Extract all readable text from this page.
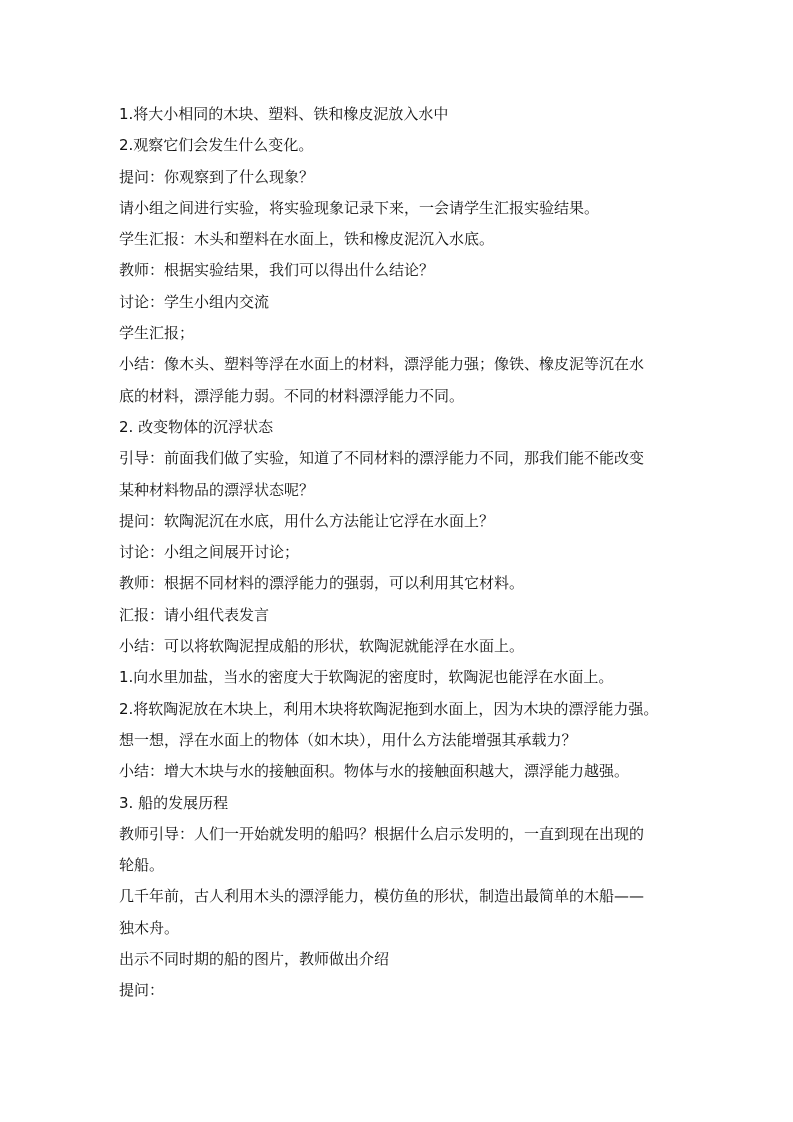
1.将大小相同的木块、塑料、铁和橡皮泥放入水中
2.观察它们会发生什么变化。
提问：你观察到了什么现象？
请小组之间进行实验，将实验现象记录下来，一会请学生汇报实验结果。
学生汇报：木头和塑料在水面上，铁和橡皮泥沉入水底。
教师：根据实验结果，我们可以得出什么结论？
讨论：学生小组内交流
学生汇报；
小结：像木头、塑料等浮在水面上的材料，漂浮能力强；像铁、橡皮泥等沉在水
底的材料，漂浮能力弱。不同的材料漂浮能力不同。
2. 改变物体的沉浮状态
引导：前面我们做了实验，知道了不同材料的漂浮能力不同，那我们能不能改变
某种材料物品的漂浮状态呢？
提问：软陶泥沉在水底，用什么方法能让它浮在水面上？
讨论：小组之间展开讨论；
教师：根据不同材料的漂浮能力的强弱，可以利用其它材料。
汇报：请小组代表发言
小结：可以将软陶泥捏成船的形状，软陶泥就能浮在水面上。
1.向水里加盐，当水的密度大于软陶泥的密度时，软陶泥也能浮在水面上。
2.将软陶泥放在木块上，利用木块将软陶泥拖到水面上，因为木块的漂浮能力强。
想一想，浮在水面上的物体（如木块），用什么方法能增强其承载力？
小结：增大木块与水的接触面积。物体与水的接触面积越大，漂浮能力越强。
3. 船的发展历程
教师引导：人们一开始就发明的船吗？根据什么启示发明的，一直到现在出现的
轮船。
几千年前，古人利用木头的漂浮能力，模仿鱼的形状，制造出最简单的木船——
独木舟。
出示不同时期的船的图片，教师做出介绍
提问：
